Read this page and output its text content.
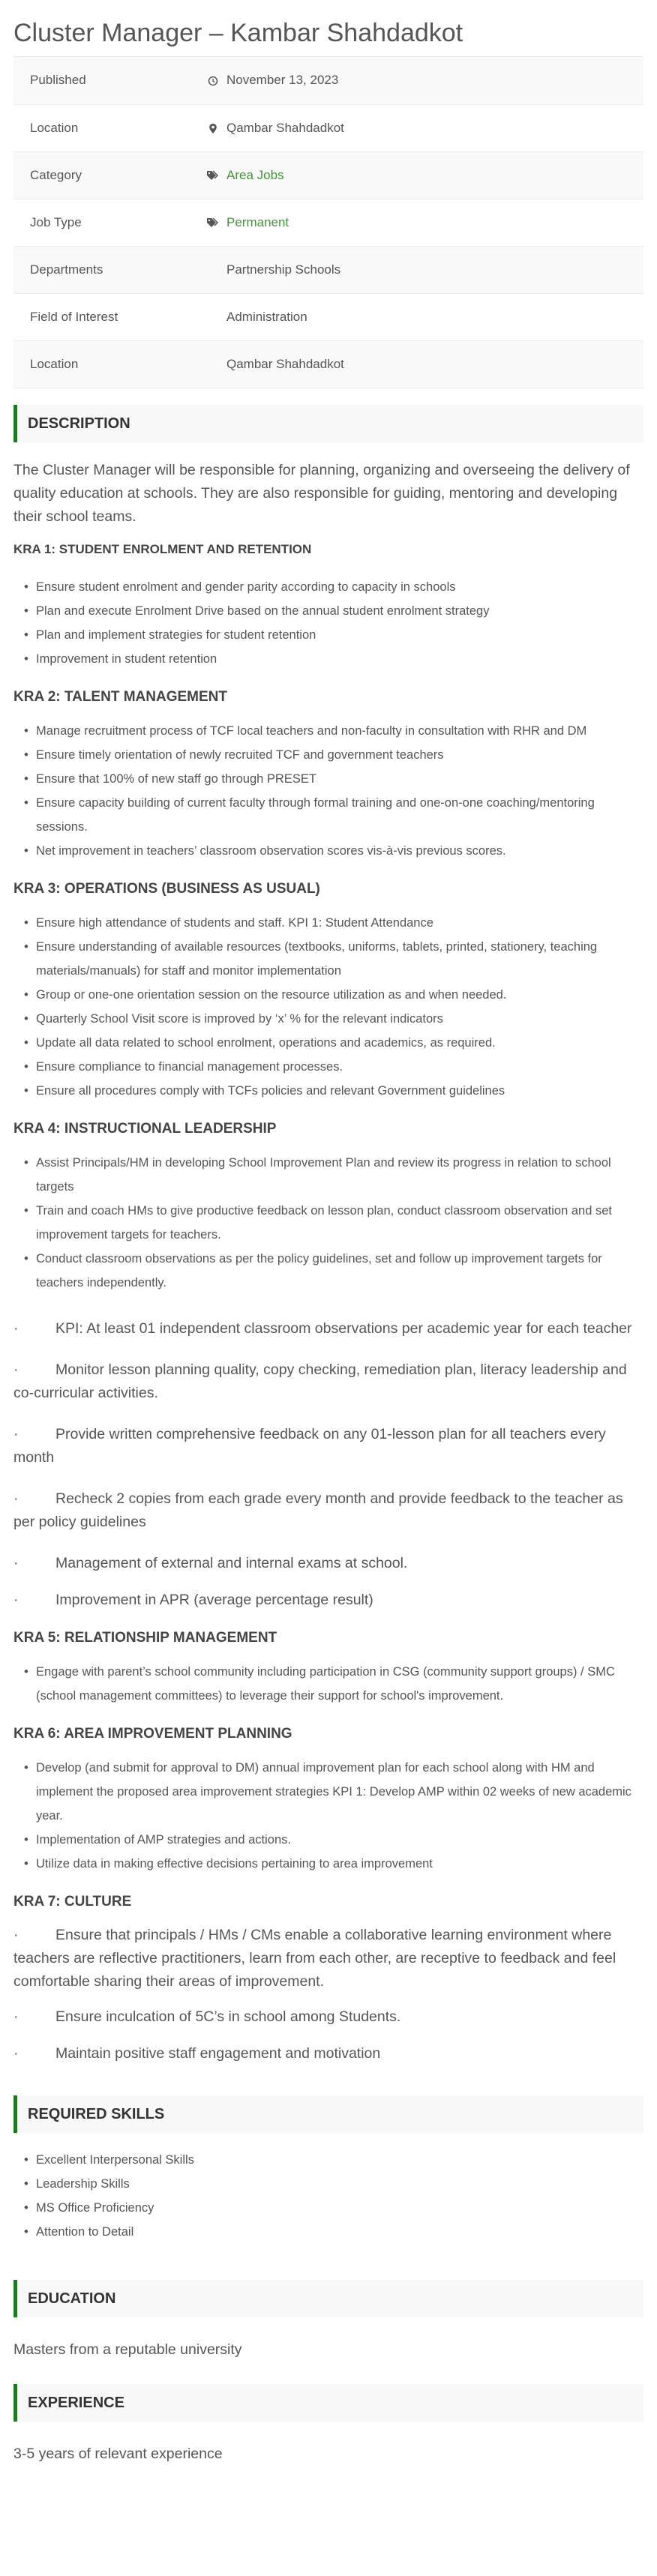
Cluster Manager – Kambar Shahdadkot
Published		November 13, 2023
Location		Qambar Shahdadkot
Category		Area Jobs
Job Type		Permanent
Departments		Partnership Schools
Field of Interest		Administration
Location		Qambar Shahdadkot
DESCRIPTION

The Cluster Manager will be responsible for planning, organizing and overseeing the delivery of quality education at schools. They are also responsible for guiding, mentoring and developing their school teams.

KRA 1: STUDENT ENROLMENT AND RETENTION
• Ensure student enrolment and gender parity according to capacity in schools
• Plan and execute Enrolment Drive based on the annual student enrolment strategy
• Plan and implement strategies for student retention
• Improvement in student retention
KRA 2: TALENT MANAGEMENT
• Manage recruitment process of TCF local teachers and non-faculty in consultation with RHR and DM
• Ensure timely orientation of newly recruited TCF and government teachers
• Ensure that 100% of new staff go through PRESET
• Ensure capacity building of current faculty through formal training and one-on-one coaching/mentoring sessions.
• Net improvement in teachers’ classroom observation scores vis-à-vis previous scores.
KRA 3: OPERATIONS (BUSINESS AS USUAL)
• Ensure high attendance of students and staff. KPI 1: Student Attendance
• Ensure understanding of available resources (textbooks, uniforms, tablets, printed, stationery, teaching materials/manuals) for staff and monitor implementation
• Group or one-one orientation session on the resource utilization as and when needed.
• Quarterly School Visit score is improved by ‘x’ % for the relevant indicators
• Update all data related to school enrolment, operations and academics, as required.
• Ensure compliance to financial management processes.
• Ensure all procedures comply with TCFs policies and relevant Government guidelines
KRA 4: INSTRUCTIONAL LEADERSHIP
• Assist Principals/HM in developing School Improvement Plan and review its progress in relation to school targets
• Train and coach HMs to give productive feedback on lesson plan, conduct classroom observation and set improvement targets for teachers.
• Conduct classroom observations as per the policy guidelines, set and follow up improvement targets for teachers independently.

·	KPI: At least 01 independent classroom observations per academic year for each teacher

·	Monitor lesson planning quality, copy checking, remediation plan, literacy leadership and co-curricular activities.

·	Provide written comprehensive feedback on any 01-lesson plan for all teachers every month

·	Recheck 2 copies from each grade every month and provide feedback to the teacher as per policy guidelines

·	Management of external and internal exams at school.

·	Improvement in APR (average percentage result)

KRA 5: RELATIONSHIP MANAGEMENT
• Engage with parent’s school community including participation in CSG (community support groups) / SMC (school management committees) to leverage their support for school's improvement.
KRA 6: AREA IMPROVEMENT PLANNING
• Develop (and submit for approval to DM) annual improvement plan for each school along with HM and implement the proposed area improvement strategies KPI 1: Develop AMP within 02 weeks of new academic year.
• Implementation of AMP strategies and actions.
• Utilize data in making effective decisions pertaining to area improvement
KRA 7: CULTURE

·	Ensure that principals / HMs / CMs enable a collaborative learning environment where teachers are reflective practitioners, learn from each other, are receptive to feedback and feel comfortable sharing their areas of improvement.

·	Ensure inculcation of 5C’s in school among Students.

·	Maintain positive staff engagement and motivation

REQUIRED SKILLS
• Excellent Interpersonal Skills
• Leadership Skills
• MS Office Proficiency
• Attention to Detail
EDUCATION

Masters from a reputable university

EXPERIENCE

3-5 years of relevant experience
